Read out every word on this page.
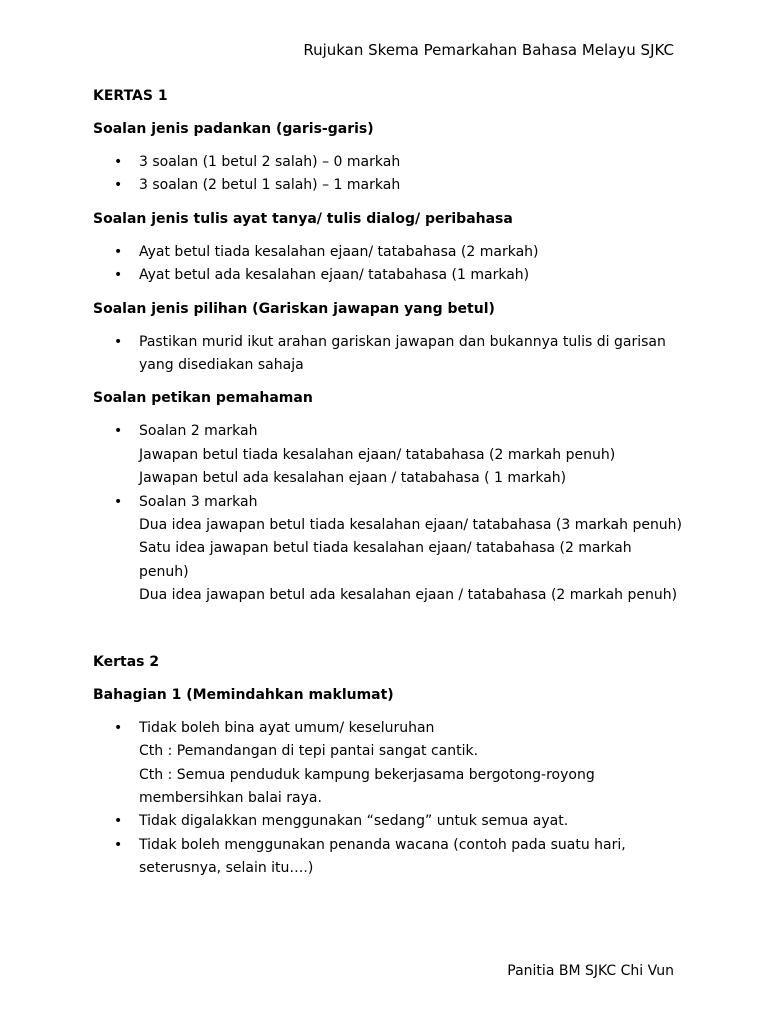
Rujukan Skema Pemarkahan Bahasa Melayu SJKC

KERTAS 1

Soalan jenis padankan (garis-garis)

• 3 soalan (1 betul 2 salah) – 0 markah
• 3 soalan (2 betul 1 salah) – 1 markah

Soalan jenis tulis ayat tanya/ tulis dialog/ peribahasa

• Ayat betul tiada kesalahan ejaan/ tatabahasa (2 markah)
• Ayat betul ada kesalahan ejaan/ tatabahasa (1 markah)

Soalan jenis pilihan (Gariskan jawapan yang betul)

• Pastikan murid ikut arahan gariskan jawapan dan bukannya tulis di garisan yang disediakan sahaja

Soalan petikan pemahaman

• Soalan 2 markah
Jawapan betul tiada kesalahan ejaan/ tatabahasa (2 markah penuh)
Jawapan betul ada kesalahan ejaan / tatabahasa ( 1 markah)
• Soalan 3 markah
Dua idea jawapan betul tiada kesalahan ejaan/ tatabahasa (3 markah penuh)
Satu idea jawapan betul tiada kesalahan ejaan/ tatabahasa (2 markah penuh)
Dua idea jawapan betul ada kesalahan ejaan / tatabahasa (2 markah penuh)

Kertas 2

Bahagian 1 (Memindahkan maklumat)

• Tidak boleh bina ayat umum/ keseluruhan
Cth : Pemandangan di tepi pantai sangat cantik.
Cth : Semua penduduk kampung bekerjasama bergotong-royong membersihkan balai raya.
• Tidak digalakkan menggunakan “sedang” untuk semua ayat.
• Tidak boleh menggunakan penanda wacana (contoh pada suatu hari, seterusnya, selain itu….)
Panitia BM SJKC Chi Vun
